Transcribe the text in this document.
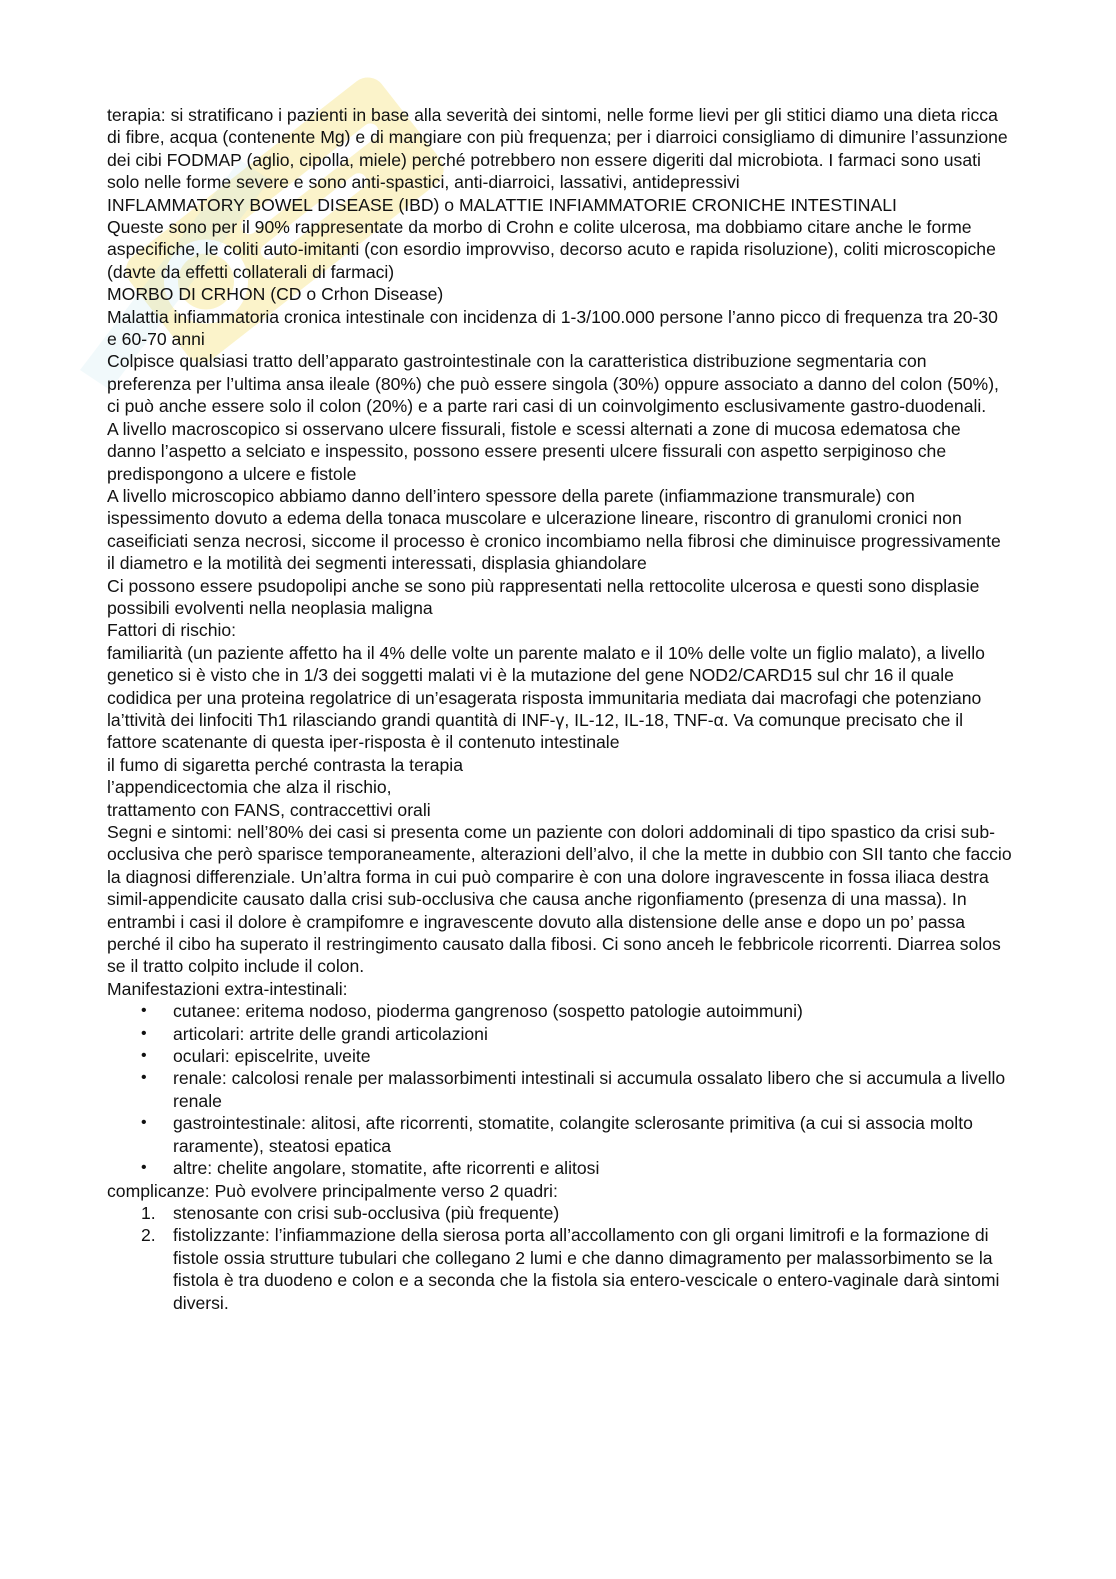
terapia: si stratificano i pazienti in base alla severità dei sintomi, nelle forme lievi per gli stitici diamo una dieta ricca di fibre, acqua (contenente Mg) e di mangiare con più frequenza; per i diarroici consigliamo di dimunire l’assunzione dei cibi FODMAP (aglio, cipolla, miele) perché potrebbero non essere digeriti dal microbiota. I farmaci sono usati solo nelle forme severe e sono anti-spastici, anti-diarroici, lassativi, antidepressivi

INFLAMMATORY BOWEL DISEASE (IBD) o MALATTIE INFIAMMATORIE CRONICHE INTESTINALI

Queste sono per il 90% rappresentate da morbo di Crohn e colite ulcerosa, ma dobbiamo citare anche le forme aspecifiche, le coliti auto-imitanti (con esordio improvviso, decorso acuto e rapida risoluzione), coliti microscopiche (davte da effetti collaterali di farmaci)

MORBO DI CRHON (CD o Crhon Disease)

Malattia infiammatoria cronica intestinale con incidenza di 1-3/100.000 persone l’anno picco di frequenza tra 20-30 e 60-70 anni

Colpisce qualsiasi tratto dell’apparato gastrointestinale con la caratteristica distribuzione segmentaria con preferenza per l’ultima ansa ileale (80%) che può essere singola (30%) oppure associato a danno del colon (50%), ci può anche essere solo il colon (20%) e a parte rari casi di un coinvolgimento esclusivamente gastro-duodenali.

A livello macroscopico si osservano ulcere fissurali, fistole e scessi alternati a zone di mucosa edematosa che danno l’aspetto a selciato e inspessito, possono essere presenti ulcere fissurali con aspetto serpiginoso che predispongono a ulcere e fistole

A livello microscopico abbiamo danno dell’intero spessore della parete (infiammazione transmurale) con ispessimento dovuto a edema della tonaca muscolare e ulcerazione lineare, riscontro di granulomi cronici non caseificiati senza necrosi, siccome il processo è cronico incombiamo nella fibrosi che diminuisce progressivamente il diametro e la motilità dei segmenti interessati, displasia ghiandolare

Ci possono essere psudopolipi anche se sono più rappresentati nella rettocolite ulcerosa e questi sono displasie possibili evolventi nella neoplasia maligna

Fattori di rischio:

familiarità (un paziente affetto ha il 4% delle volte un parente malato e il 10% delle volte un figlio malato), a livello genetico si è visto che in 1/3 dei soggetti malati vi è la mutazione del gene NOD2/CARD15 sul chr 16 il quale codidica per una proteina regolatrice di un’esagerata risposta immunitaria mediata dai macrofagi che potenziano la’ttività dei linfociti Th1 rilasciando grandi quantità di INF-γ, IL-12, IL-18, TNF-α. Va comunque precisato che il fattore scatenante di questa iper-risposta è il contenuto intestinale

il fumo di sigaretta perché contrasta la terapia

l’appendicectomia che alza il rischio,

trattamento con FANS, contraccettivi orali

Segni e sintomi: nell’80% dei casi si presenta come un paziente con dolori addominali di tipo spastico da crisi sub-occlusiva che però sparisce temporaneamente, alterazioni dell’alvo, il che la mette in dubbio con SII tanto che faccio la diagnosi differenziale. Un’altra forma in cui può comparire è con una dolore ingravescente in fossa iliaca destra simil-appendicite causato dalla crisi sub-occlusiva che causa anche rigonfiamento (presenza di una massa). In entrambi i casi il dolore è crampifomre e ingravescente dovuto alla distensione delle anse e dopo un po’ passa perché il cibo ha superato il restringimento causato dalla fibosi. Ci sono anceh le febbricole ricorrenti. Diarrea solos se il tratto colpito include il colon.

Manifestazioni extra-intestinali:

• cutanee: eritema nodoso, pioderma gangrenoso (sospetto patologie autoimmuni)
• articolari: artrite delle grandi articolazioni
• oculari: episcelrite, uveite
• renale: calcolosi renale per malassorbimenti intestinali si accumula ossalato libero che si accumula a livello renale
• gastrointestinale: alitosi, afte ricorrenti, stomatite, colangite sclerosante primitiva (a cui si associa molto raramente), steatosi epatica
• altre: chelite angolare, stomatite, afte ricorrenti e alitosi

complicanze: Può evolvere principalmente verso 2 quadri:

1. stenosante con crisi sub-occlusiva (più frequente)
2. fistolizzante: l’infiammazione della sierosa porta all’accollamento con gli organi limitrofi e la formazione di fistole ossia strutture tubulari che collegano 2 lumi e che danno dimagramento per malassorbimento se la fistola è tra duodeno e colon e a seconda che la fistola sia entero-vescicale o entero-vaginale darà sintomi diversi.
